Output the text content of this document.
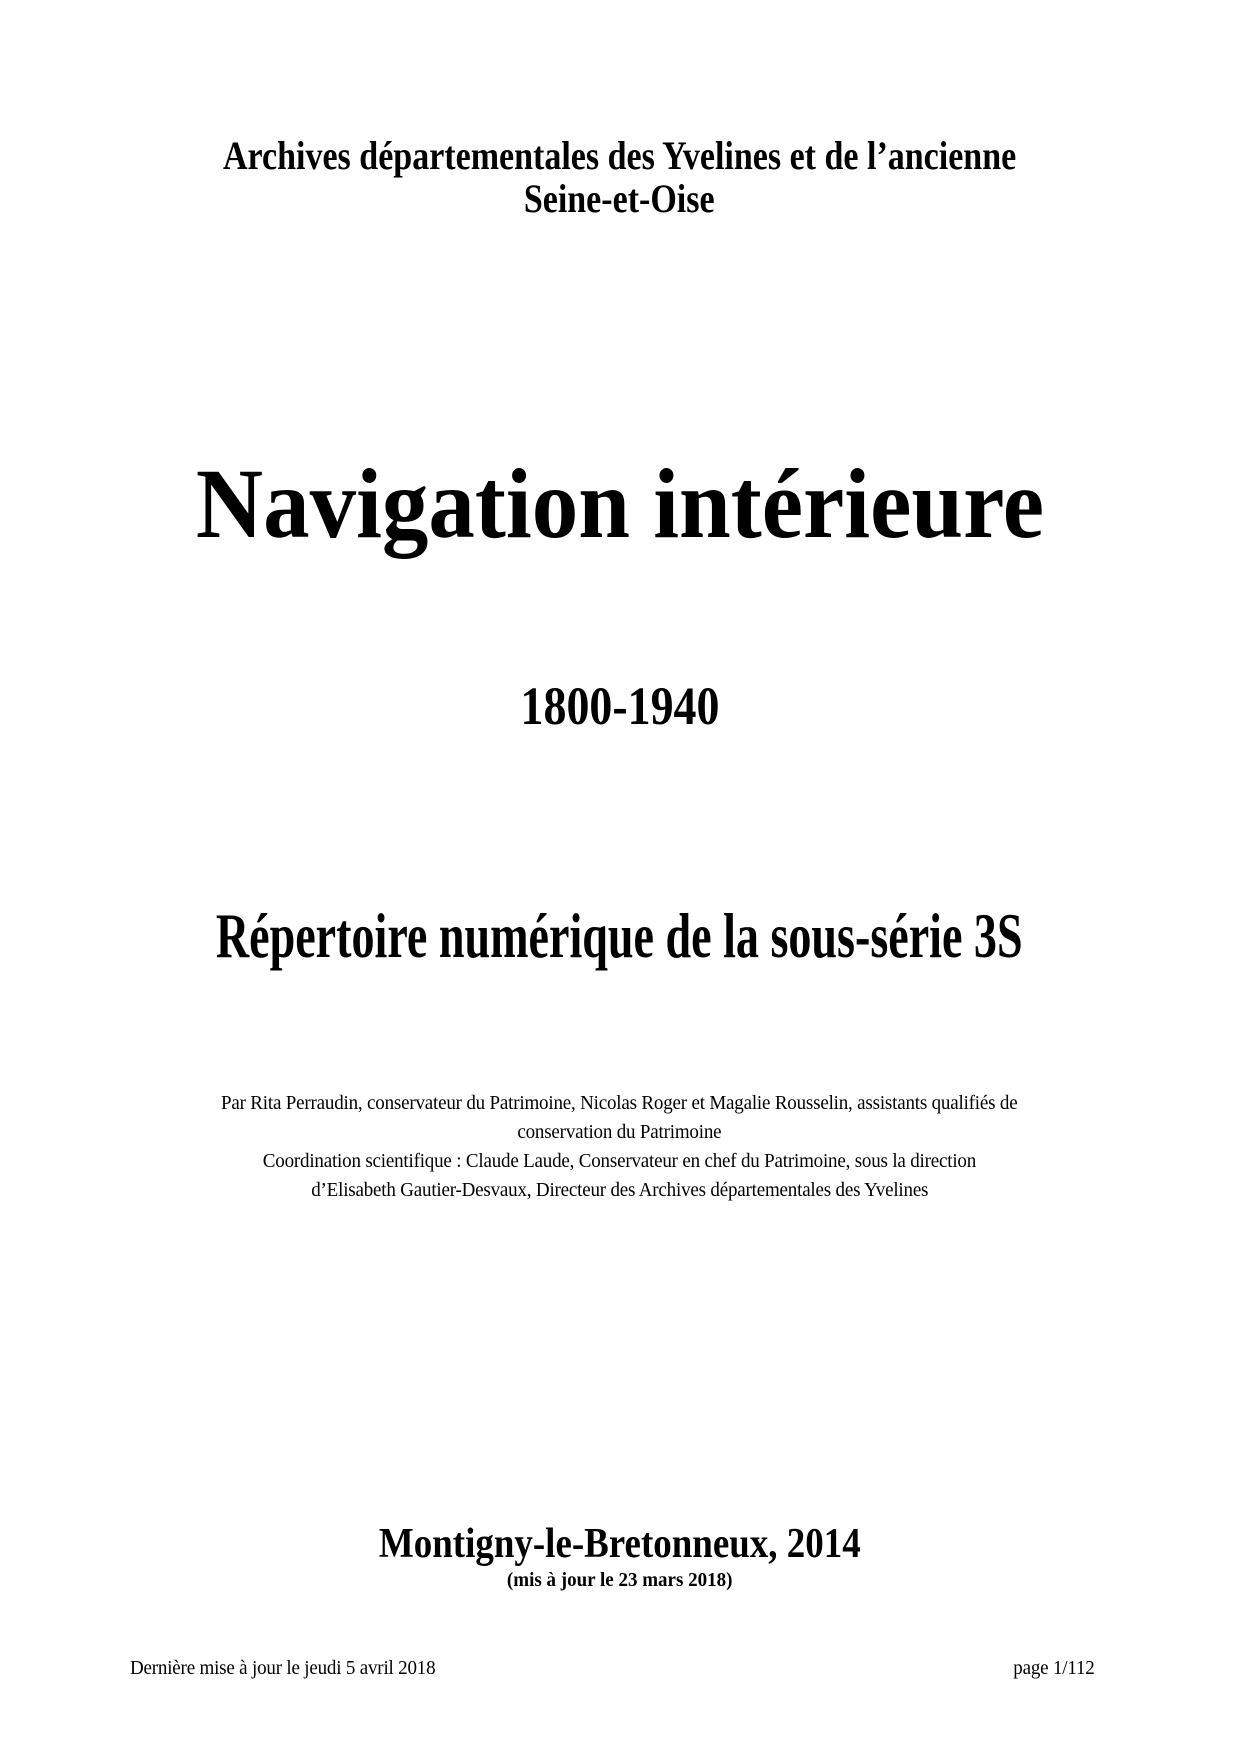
Archives départementales des Yvelines et de l’ancienne
Seine-et-Oise
Navigation intérieure
1800-1940
Répertoire numérique de la sous-série 3S
Par Rita Perraudin, conservateur du Patrimoine, Nicolas Roger et Magalie Rousselin, assistants qualifiés de
conservation du Patrimoine
Coordination scientifique : Claude Laude, Conservateur en chef du Patrimoine, sous la direction
d’Elisabeth Gautier-Desvaux, Directeur des Archives départementales des Yvelines
Montigny-le-Bretonneux, 2014
(mis à jour le 23 mars 2018)
Dernière mise à jour le jeudi 5 avril 2018	page 1/112
